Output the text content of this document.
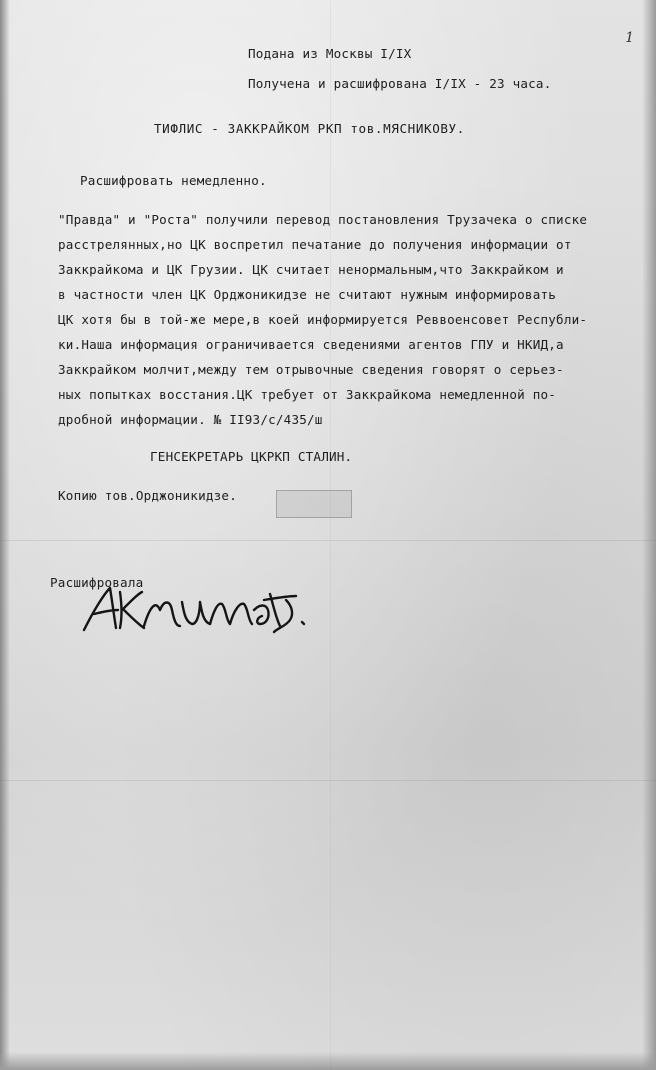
1
Подана из Москвы I/IX
Получена и расшифрована I/IX - 23 часа.
ТИФЛИС - ЗАККРАЙКОМ РКП тов.МЯСНИКОВУ.
Расшифровать немедленно.
"Правда" и "Роста" получили перевод постановления Трузачека о списке
расстрелянных,но ЦК воспретил печатание до получения информации от
Заккрайкома и ЦК Грузии. ЦК считает ненормальным,что Заккрайком и
в частности член ЦК Орджоникидзе не считают нужным информировать
ЦК хотя бы в той-же мере,в коей информируется Реввоенсовет Республи-
ки.Наша информация ограничивается сведениями агентов ГПУ и НКИД,а
Заккрайком молчит,между тем отрывочные сведения говорят о серьез-
ных попытках восстания.ЦК требует от Заккрайкома немедленной по-
дробной информации. № II93/с/435/ш
ГЕНСЕКРЕТАРЬ ЦКРКП СТАЛИН.
Копию тов.Орджоникидзе.
Расшифровала
